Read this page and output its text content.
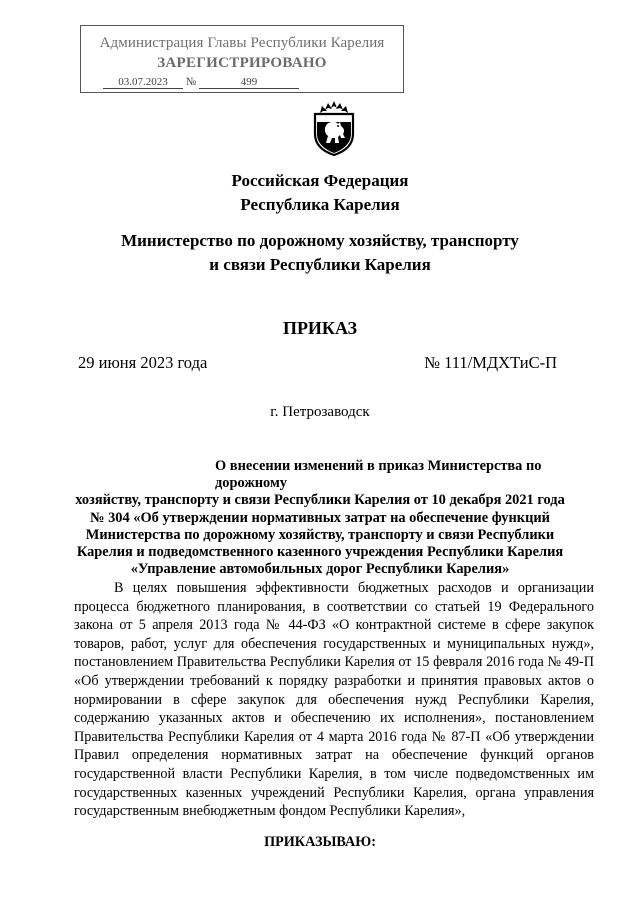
Администрация Главы Республики Карелия
ЗАРЕГИСТРИРОВАНО
03.07.2023 №	499
Российская Федерация
Республика Карелия
Министерство по дорожному хозяйству, транспорту
и связи Республики Карелия
ПРИКАЗ
29 июня 2023 года	№ 111/МДХТиС-П
г. Петрозаводск
О внесении изменений в приказ Министерства по дорожному
хозяйству, транспорту и связи Республики Карелия от 10 декабря 2021 года
№ 304 «Об утверждении нормативных затрат на обеспечение функций
Министерства по дорожному хозяйству, транспорту и связи Республики
Карелия и подведомственного казенного учреждения Республики Карелия
«Управление автомобильных дорог Республики Карелия»
В целях повышения эффективности бюджетных расходов и организации процесса бюджетного планирования, в соответствии со статьей 19 Федерального закона от 5 апреля 2013 года № 44-ФЗ «О контрактной системе в сфере закупок товаров, работ, услуг для обеспечения государственных и муниципальных нужд», постановлением Правительства Республики Карелия от 15 февраля 2016 года № 49-П «Об утверждении требований к порядку разработки и принятия правовых актов о нормировании в сфере закупок для обеспечения нужд Республики Карелия, содержанию указанных актов и обеспечению их исполнения», постановлением Правительства Республики Карелия от 4 марта 2016 года № 87-П «Об утверждении Правил определения нормативных затрат на обеспечение функций органов государственной власти Республики Карелия, в том числе подведомственных им государственных казенных учреждений Республики Карелия, органа управления государственным внебюджетным фондом Республики Карелия»,
ПРИКАЗЫВАЮ:
